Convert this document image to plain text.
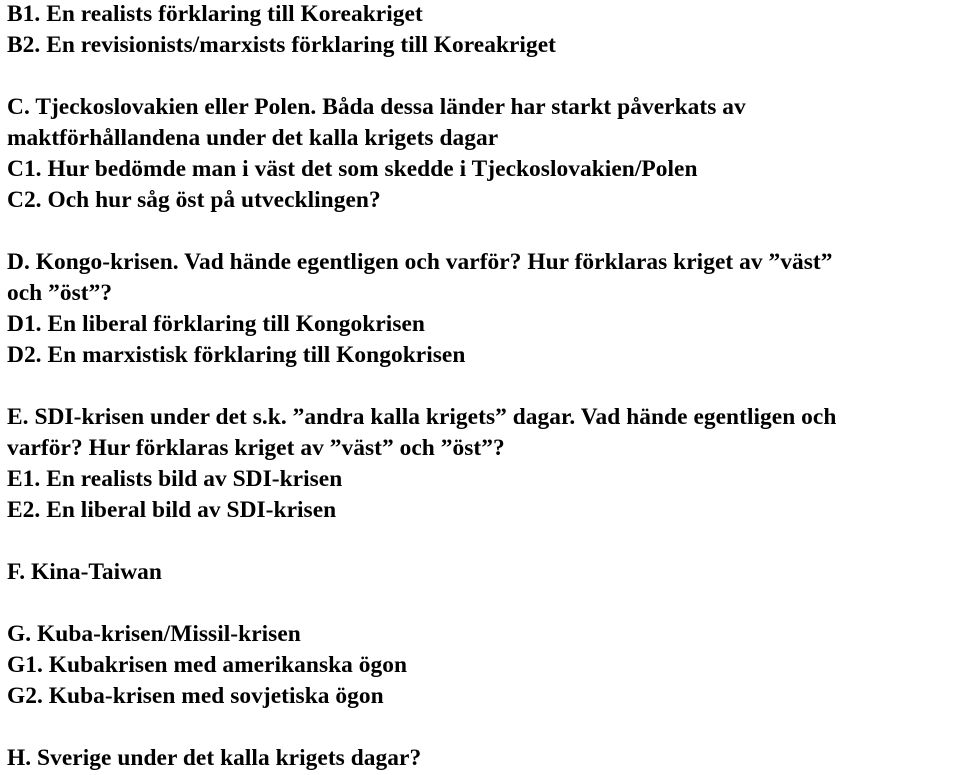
B1. En realists förklaring till Koreakriget
B2. En revisionists/marxists förklaring till Koreakriget
C. Tjeckoslovakien eller Polen. Båda dessa länder har starkt påverkats av
maktförhållandena under det kalla krigets dagar
C1. Hur bedömde man i väst det som skedde i Tjeckoslovakien/Polen
C2. Och hur såg öst på utvecklingen?
D. Kongo-krisen. Vad hände egentligen och varför? Hur förklaras kriget av ”väst”
och ”öst”?
D1. En liberal förklaring till Kongokrisen
D2. En marxistisk förklaring till Kongokrisen
E. SDI-krisen under det s.k. ”andra kalla krigets” dagar. Vad hände egentligen och
varför? Hur förklaras kriget av ”väst” och ”öst”?
E1. En realists bild av SDI-krisen
E2. En liberal bild av SDI-krisen
F. Kina-Taiwan
G. Kuba-krisen/Missil-krisen
G1. Kubakrisen med amerikanska ögon
G2. Kuba-krisen med sovjetiska ögon
H. Sverige under det kalla krigets dagar?
